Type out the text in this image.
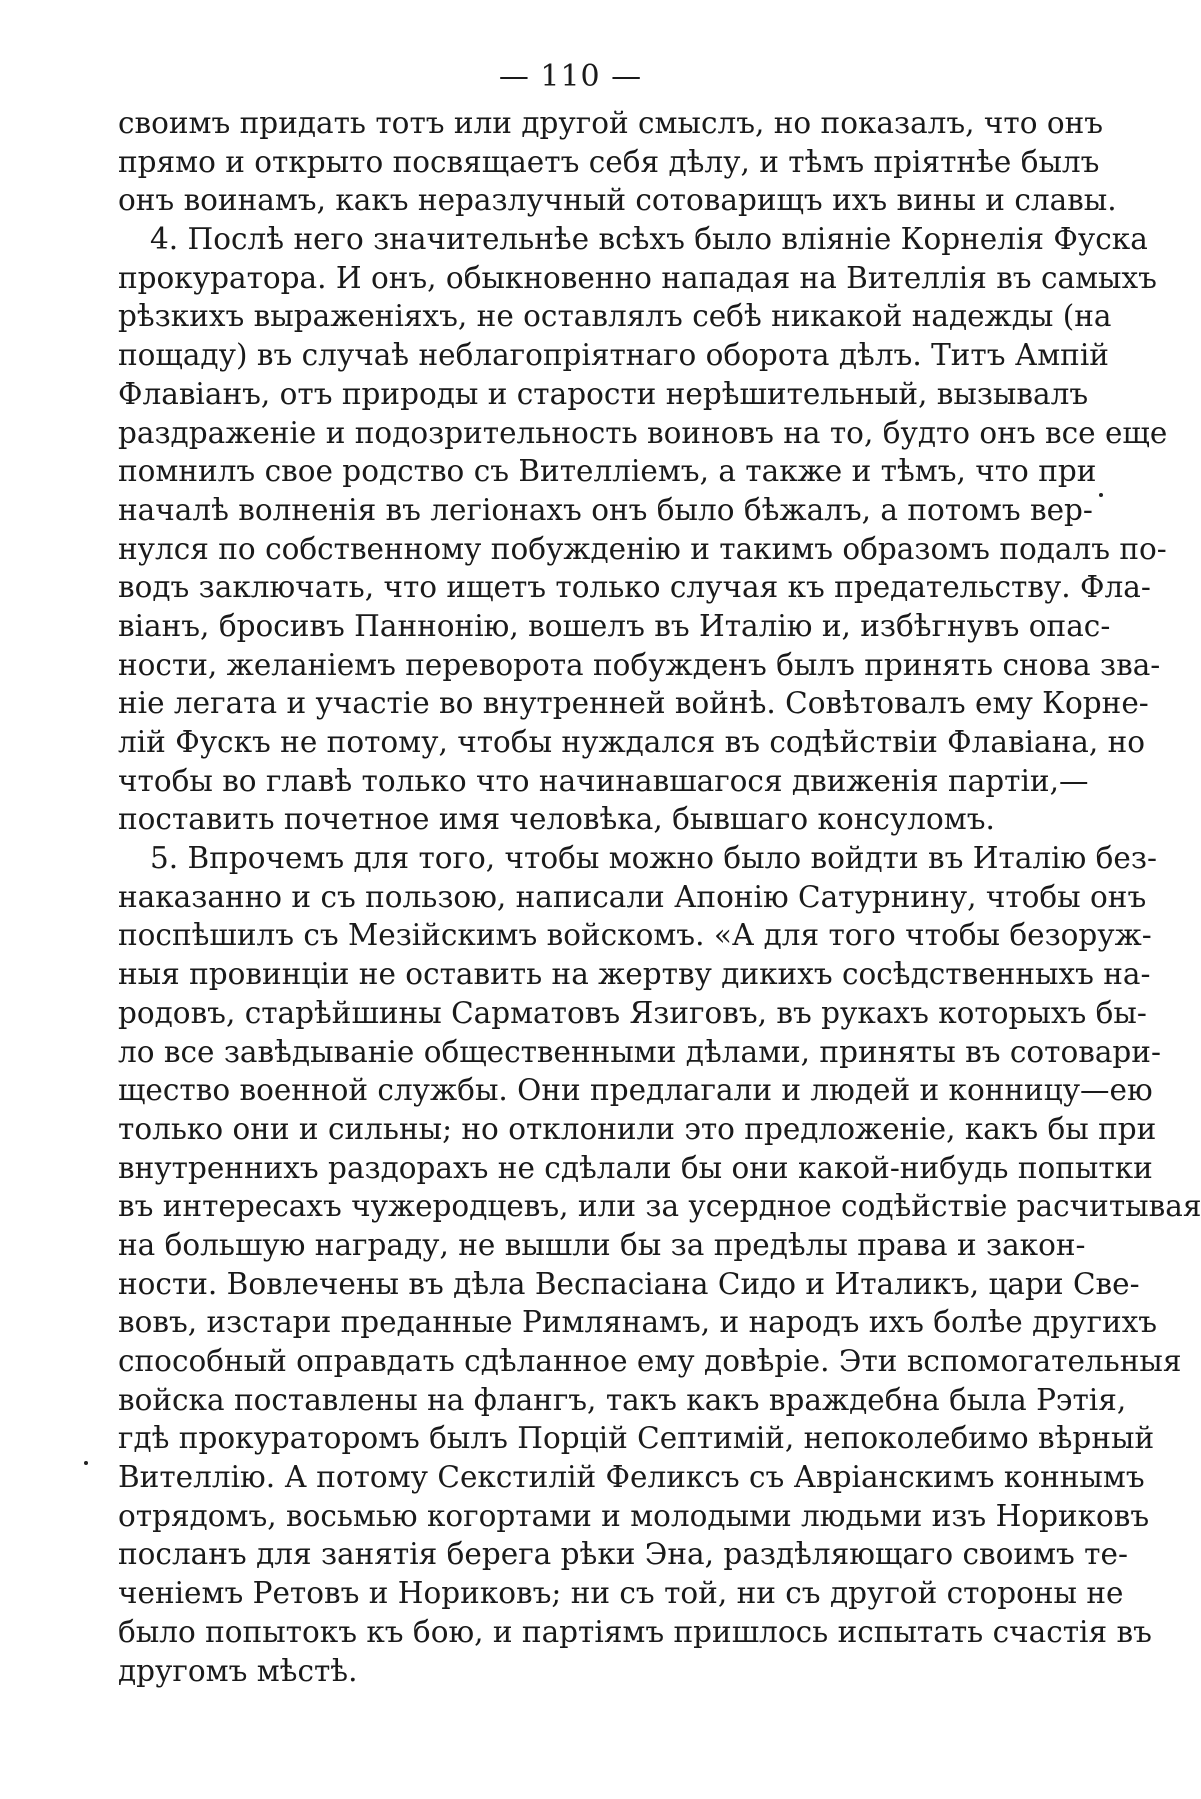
— 110 —
своимъ придать тотъ или другой смыслъ, но показалъ, что онъ
прямо и открыто посвящаетъ себя дѣлу, и тѣмъ пріятнѣе былъ
онъ воинамъ, какъ неразлучный сотоварищъ ихъ вины и славы.
4. Послѣ него значительнѣе всѣхъ было вліяніе Корнелія Фуска
прокуратора. И онъ, обыкновенно нападая на Вителлія въ самыхъ
рѣзкихъ выраженіяхъ, не оставлялъ себѣ никакой надежды (на
пощаду) въ случаѣ неблагопріятнаго оборота дѣлъ. Титъ Ампій
Флавіанъ, отъ природы и старости нерѣшительный, вызывалъ
раздраженіе и подозрительность воиновъ на то, будто онъ все еще
помнилъ свое родство съ Вителліемъ, а также и тѣмъ, что при
началѣ волненія въ легіонахъ онъ было бѣжалъ, а потомъ вер-
нулся по собственному побужденію и такимъ образомъ подалъ по-
водъ заключать, что ищетъ только случая къ предательству. Фла-
віанъ, бросивъ Паннонію, вошелъ въ Италію и, избѣгнувъ опас-
ности, желаніемъ переворота побужденъ былъ принять снова зва-
ніе легата и участіе во внутренней войнѣ. Совѣтовалъ ему Корне-
лій Фускъ не потому, чтобы нуждался въ содѣйствіи Флавіана, но
чтобы во главѣ только что начинавшагося движенія партіи,—
поставить почетное имя человѣка, бывшаго консуломъ.
5. Впрочемъ для того, чтобы можно было войдти въ Италію без-
наказанно и съ пользою, написали Апонію Сатурнину, чтобы онъ
поспѣшилъ съ Мезійскимъ войскомъ. «А для того чтобы безоруж-
ныя провинціи не оставить на жертву дикихъ сосѣдственныхъ на-
родовъ, старѣйшины Сарматовъ Язиговъ, въ рукахъ которыхъ бы-
ло все завѣдываніе общественными дѣлами, приняты въ сотовари-
щество военной службы. Они предлагали и людей и конницу—ею
только они и сильны; но отклонили это предложеніе, какъ бы при
внутреннихъ раздорахъ не сдѣлали бы они какой-нибудь попытки
въ интересахъ чужеродцевъ, или за усердное содѣйствіе расчитывая
на большую награду, не вышли бы за предѣлы права и закон-
ности. Вовлечены въ дѣла Веспасіана Сидо и Италикъ, цари Све-
вовъ, изстари преданные Римлянамъ, и народъ ихъ болѣе другихъ
способный оправдать сдѣланное ему довѣріе. Эти вспомогательныя
войска поставлены на флангъ, такъ какъ враждебна была Рэтія,
гдѣ прокураторомъ былъ Порцій Септимій, непоколебимо вѣрный
Вителлію. А потому Секстилій Феликсъ съ Авріанскимъ коннымъ
отрядомъ, восьмью когортами и молодыми людьми изъ Нориковъ
посланъ для занятія берега рѣки Эна, раздѣляющаго своимъ те-
ченіемъ Ретовъ и Нориковъ; ни съ той, ни съ другой стороны не
было попытокъ къ бою, и партіямъ пришлось испытать счастія въ
другомъ мѣстѣ.
